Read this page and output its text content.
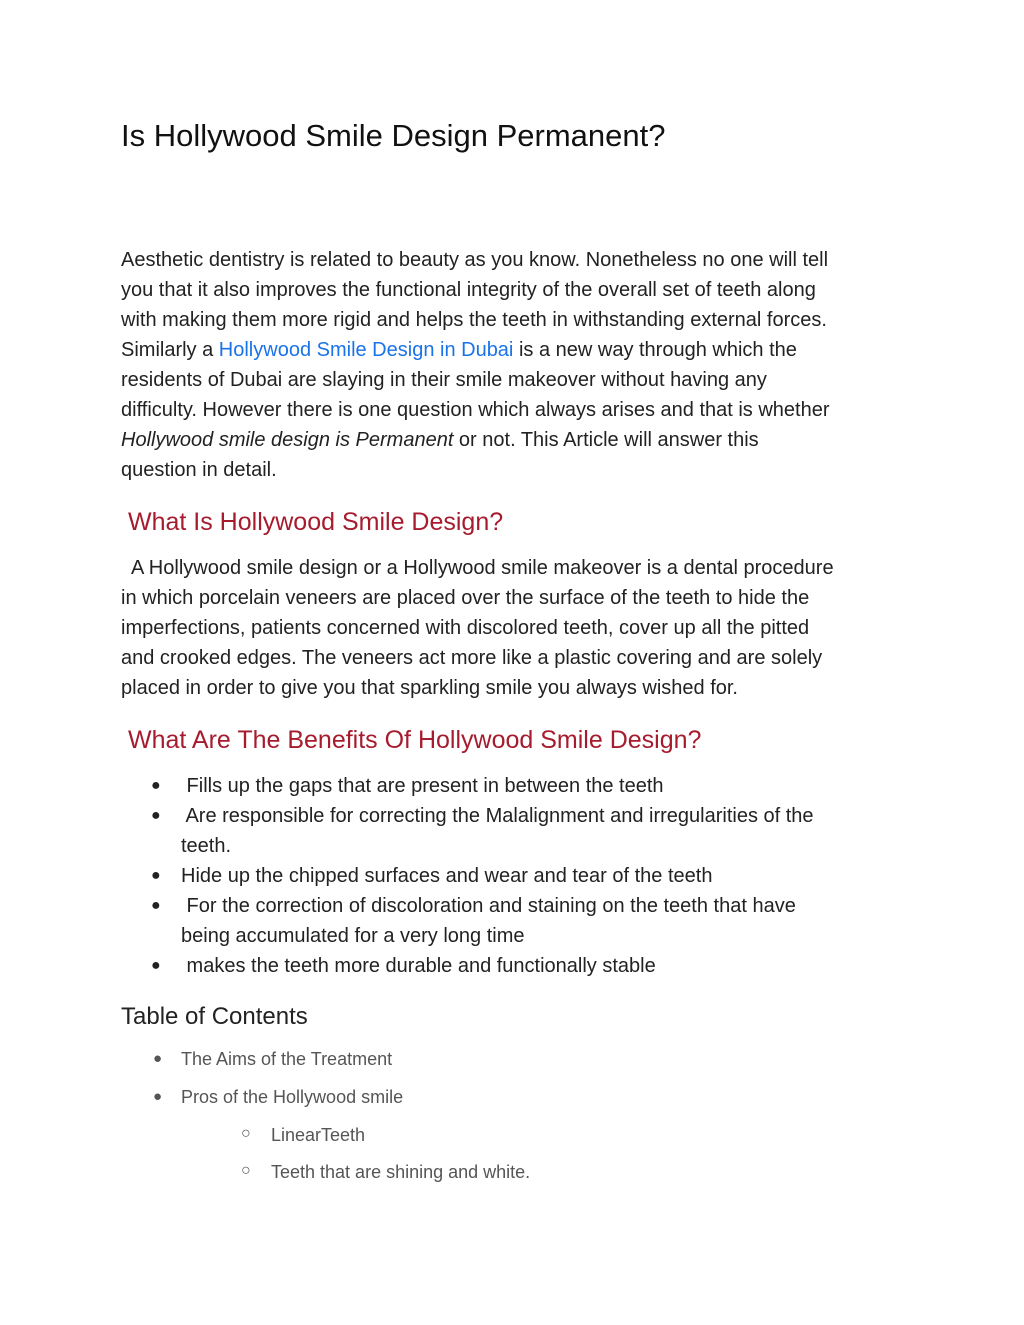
Is Hollywood Smile Design Permanent?

Aesthetic dentistry is related to beauty as you know. Nonetheless no one will tell
you that it also improves the functional integrity of the overall set of teeth along
with making them more rigid and helps the teeth in withstanding external forces.
Similarly a Hollywood Smile Design in Dubai is a new way through which the
residents of Dubai are slaying in their smile makeover without having any
difficulty. However there is one question which always arises and that is whether
Hollywood smile design is Permanent or not. This Article will answer this
question in detail.

What Is Hollywood Smile Design?

A Hollywood smile design or a Hollywood smile makeover is a dental procedure
in which porcelain veneers are placed over the surface of the teeth to hide the
imperfections, patients concerned with discolored teeth, cover up all the pitted
and crooked edges. The veneers act more like a plastic covering and are solely
placed in order to give you that sparkling smile you always wished for.

What Are The Benefits Of Hollywood Smile Design?
● Fills up the gaps that are present in between the teeth
● Are responsible for correcting the Malalignment and irregularities of the
teeth.
● Hide up the chipped surfaces and wear and tear of the teeth
● For the correction of discoloration and staining on the teeth that have
being accumulated for a very long time
● makes the teeth more durable and functionally stable
Table of Contents
● The Aims of the Treatment
● Pros of the Hollywood smile
○ LinearTeeth
○ Teeth that are shining and white.
